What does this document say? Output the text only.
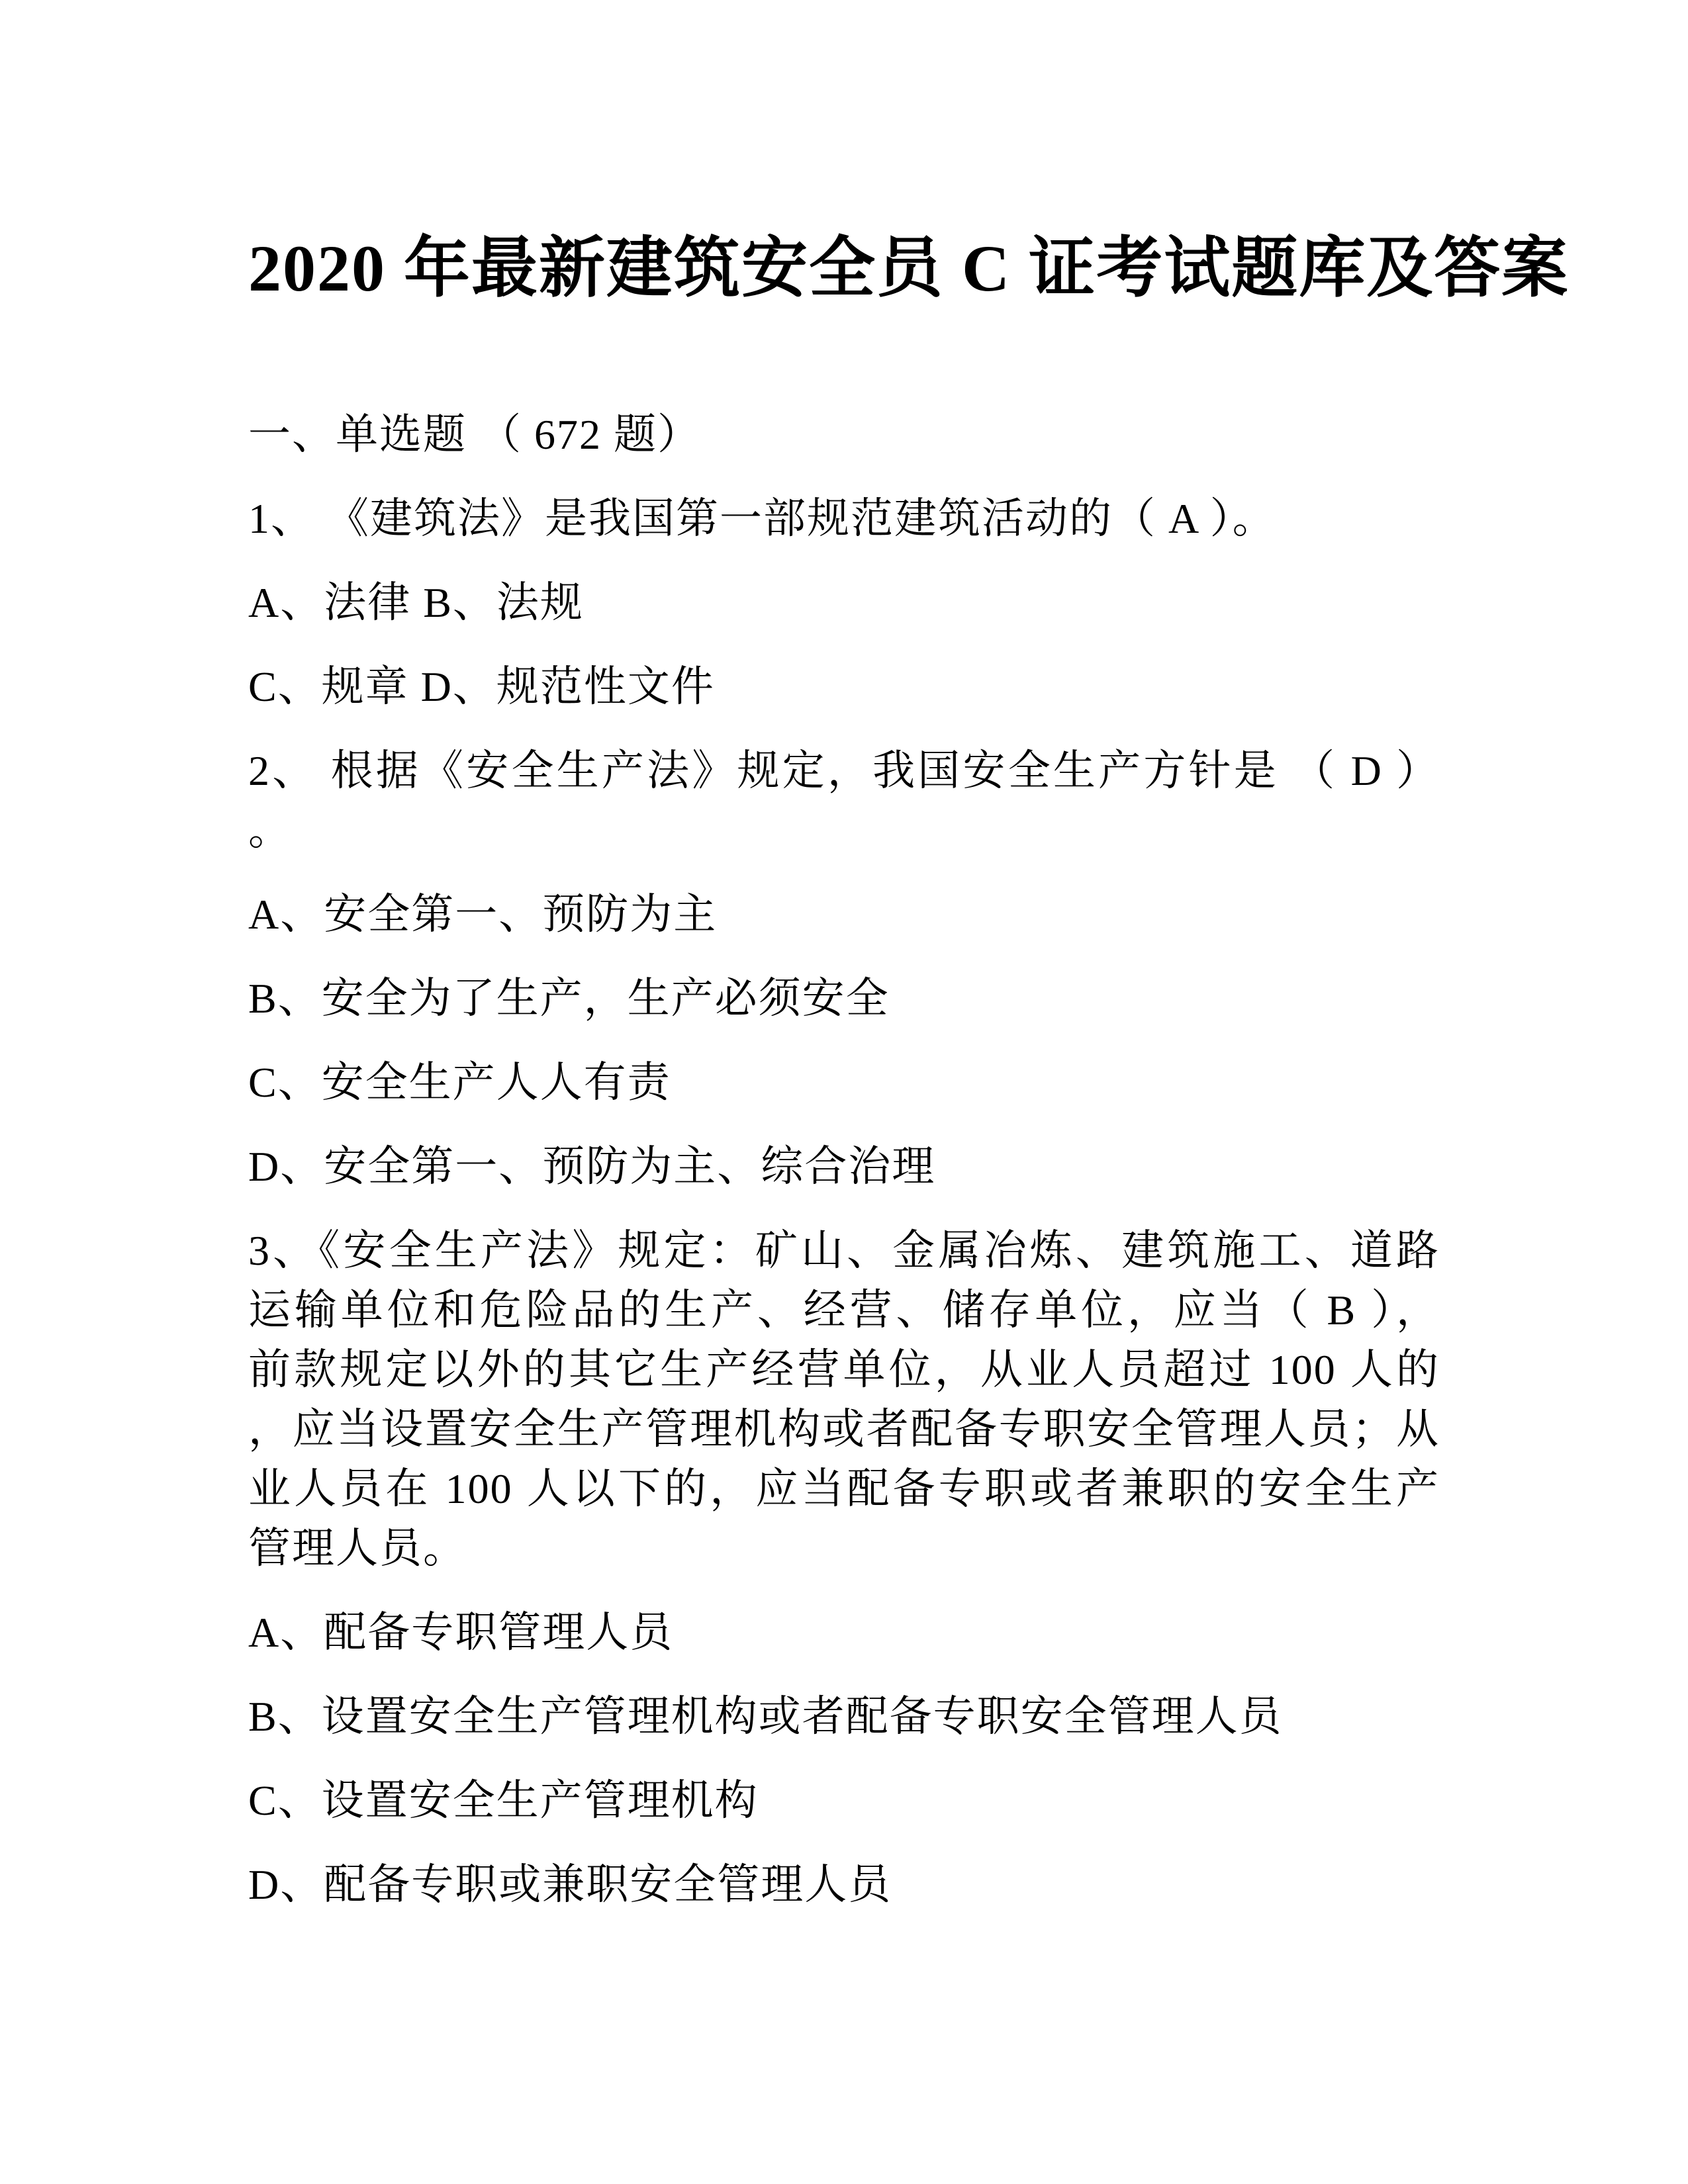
2020 年最新建筑安全员 C 证考试题库及答案
一、单选题 （ 672 题）
1、 《建筑法》是我国第一部规范建筑活动的（ A ）。
A、法律 B、法规
C、规章 D、规范性文件
2、 根据《安全生产法》规定，我国安全生产方针是 （ D ）
。
A、安全第一、预防为主
B、安全为了生产，生产必须安全
C、安全生产人人有责
D、安全第一、预防为主、综合治理
3、《安全生产法》规定：矿山、金属冶炼、建筑施工、道路
运输单位和危险品的生产、经营、储存单位，应当（ B ），
前款规定以外的其它生产经营单位，从业人员超过 100 人的
，应当设置安全生产管理机构或者配备专职安全管理人员；从
业人员在 100 人以下的，应当配备专职或者兼职的安全生产
管理人员。
A、配备专职管理人员
B、设置安全生产管理机构或者配备专职安全管理人员
C、设置安全生产管理机构
D、配备专职或兼职安全管理人员
